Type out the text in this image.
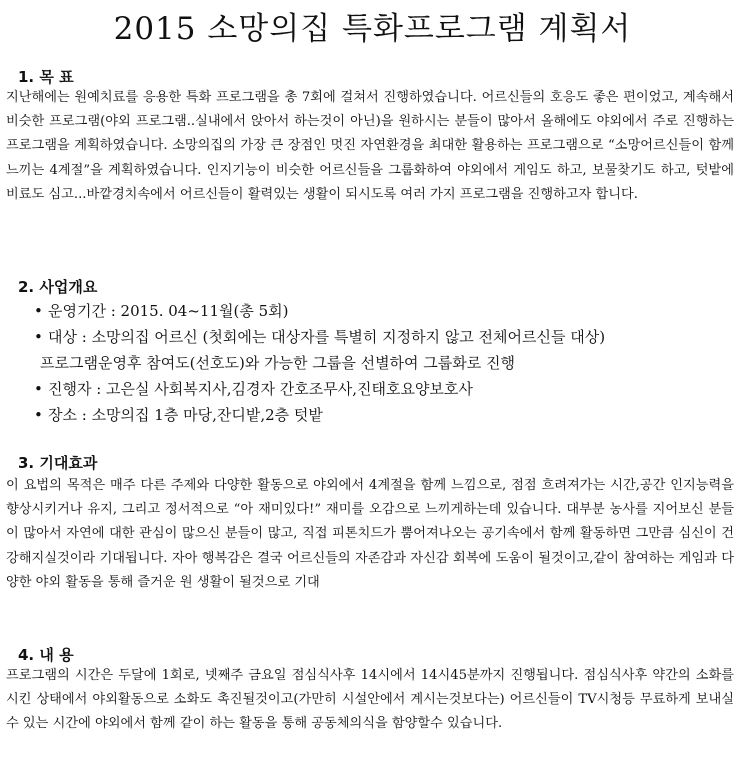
2015 소망의집 특화프로그램 계획서
1. 목 표

지난해에는 원예치료를 응용한 특화 프로그램을 총 7회에 걸쳐서 진행하였습니다. 어르신들의 호응도 좋은 편이었고, 계속해서 비슷한 프로그램(야외 프로그램..실내에서 앉아서 하는것이 아닌)을 원하시는 분들이 많아서 올해에도 야외에서 주로 진행하는 프로그램을 계획하였습니다. 소망의집의 가장 큰 장점인 멋진 자연환경을 최대한 활용하는 프로그램으로 “소망어르신들이 함께 느끼는 4계절”을 계획하였습니다. 인지기능이 비슷한 어르신들을 그룹화하여 야외에서 게임도 하고, 보물찾기도 하고, 텃밭에 비료도 심고...바깥경치속에서 어르신들이 활력있는 생활이 되시도록 여러 가지 프로그램을 진행하고자 합니다.

2. 사업개요
• 운영기간 : 2015. 04~11월(총 5회)
• 대상 : 소망의집 어르신 (첫회에는 대상자를 특별히 지정하지 않고 전체어르신들 대상)
프로그램운영후 참여도(선호도)와 가능한 그룹을 선별하여 그룹화로 진행
• 진행자 : 고은실 사회복지사,김경자 간호조무사,진태호요양보호사
• 장소 : 소망의집 1층 마당,잔디밭,2층 텃밭
3. 기대효과

이 요법의 목적은 매주 다른 주제와 다양한 활동으로 야외에서 4계절을 함께 느낌으로, 점점 흐려져가는 시간,공간 인지능력을 향상시키거나 유지, 그리고 정서적으로 “아 재미있다!” 재미를 오감으로 느끼게하는데 있습니다. 대부분 농사를 지어보신 분들이 많아서 자연에 대한 관심이 많으신 분들이 많고, 직접 피톤치드가 뿜어져나오는 공기속에서 함께 활동하면 그만큼 심신이 건강해지실것이라 기대됩니다. 자아 행복감은 결국 어르신들의 자존감과 자신감 회복에 도움이 될것이고,같이 참여하는 게임과 다양한 야외 활동을 통해 즐거운 원 생활이 될것으로 기대

4. 내 용

프로그램의 시간은 두달에 1회로, 넷째주 금요일 점심식사후 14시에서 14시45분까지 진행됩니다. 점심식사후 약간의 소화를 시킨 상태에서 야외활동으로 소화도 촉진될것이고(가만히 시설안에서 계시는것보다는) 어르신들이 TV시청등 무료하게 보내실수 있는 시간에 야외에서 함께 같이 하는 활동을 통해 공동체의식을 함양할수 있습니다.
